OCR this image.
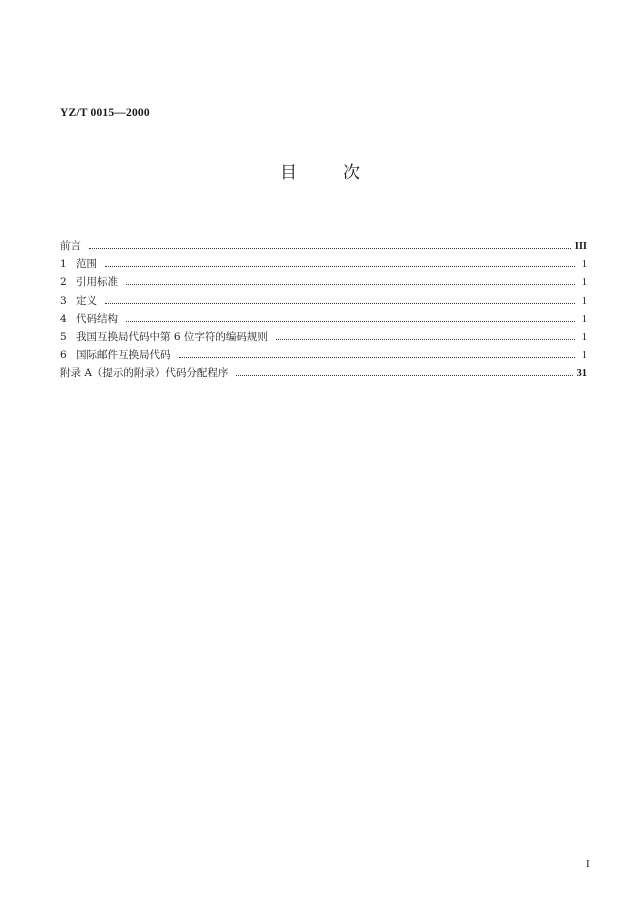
YZ/T 0015—2000
目次
前言	III
1 范围	1
2 引用标准	1
3 定义	1
4 代码结构	1
5 我国互换局代码中第 6 位字符的编码规则	1
6 国际邮件互换局代码	1
附录 A（提示的附录）代码分配程序	31
I
